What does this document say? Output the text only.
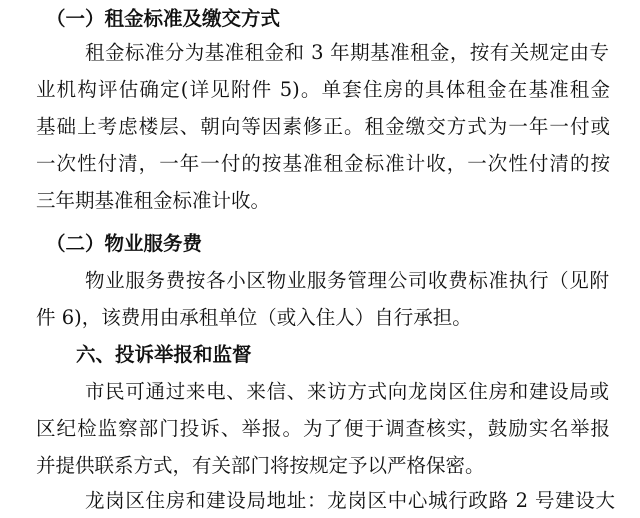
（一）租金标准及缴交方式
租金标准分为基准租金和 3 年期基准租金，按有关规定由专
业机构评估确定(详见附件 5)。单套住房的具体租金在基准租金
基础上考虑楼层、朝向等因素修正。租金缴交方式为一年一付或
一次性付清，一年一付的按基准租金标准计收，一次性付清的按
三年期基准租金标准计收。
（二）物业服务费
物业服务费按各小区物业服务管理公司收费标准执行（见附
件 6)，该费用由承租单位（或入住人）自行承担。
六、投诉举报和监督
市民可通过来电、来信、来访方式向龙岗区住房和建设局或
区纪检监察部门投诉、举报。为了便于调查核实，鼓励实名举报
并提供联系方式，有关部门将按规定予以严格保密。
龙岗区住房和建设局地址：龙岗区中心城行政路 2 号建设大
